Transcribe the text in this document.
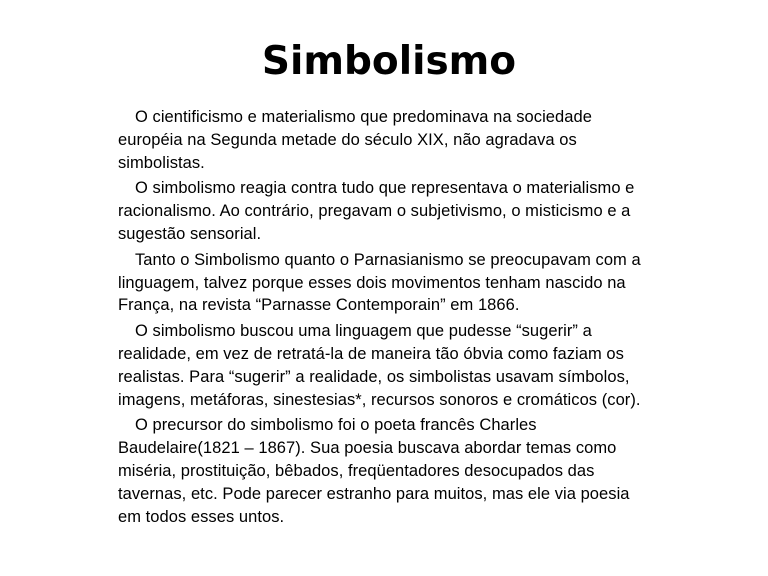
Simbolismo

O cientificismo e materialismo que predominava na sociedade européia na Segunda metade do século XIX, não agradava os simbolistas.

O simbolismo reagia contra tudo que representava o materialismo e racionalismo. Ao contrário, pregavam o subjetivismo, o misticismo e a sugestão sensorial.

Tanto o Simbolismo quanto o Parnasianismo se preocupavam com a linguagem, talvez porque esses dois movimentos tenham nascido na França, na revista “Parnasse Contemporain” em 1866.

O simbolismo buscou uma linguagem que pudesse “sugerir” a realidade, em vez de retratá-la de maneira tão óbvia como faziam os realistas. Para “sugerir” a realidade, os simbolistas usavam símbolos, imagens, metáforas, sinestesias*, recursos sonoros e cromáticos (cor).

O precursor do simbolismo foi o poeta francês Charles Baudelaire(1821 – 1867). Sua poesia buscava abordar temas como miséria, prostituição, bêbados, freqüentadores desocupados das tavernas, etc. Pode parecer estranho para muitos, mas ele via poesia em todos esses untos.
